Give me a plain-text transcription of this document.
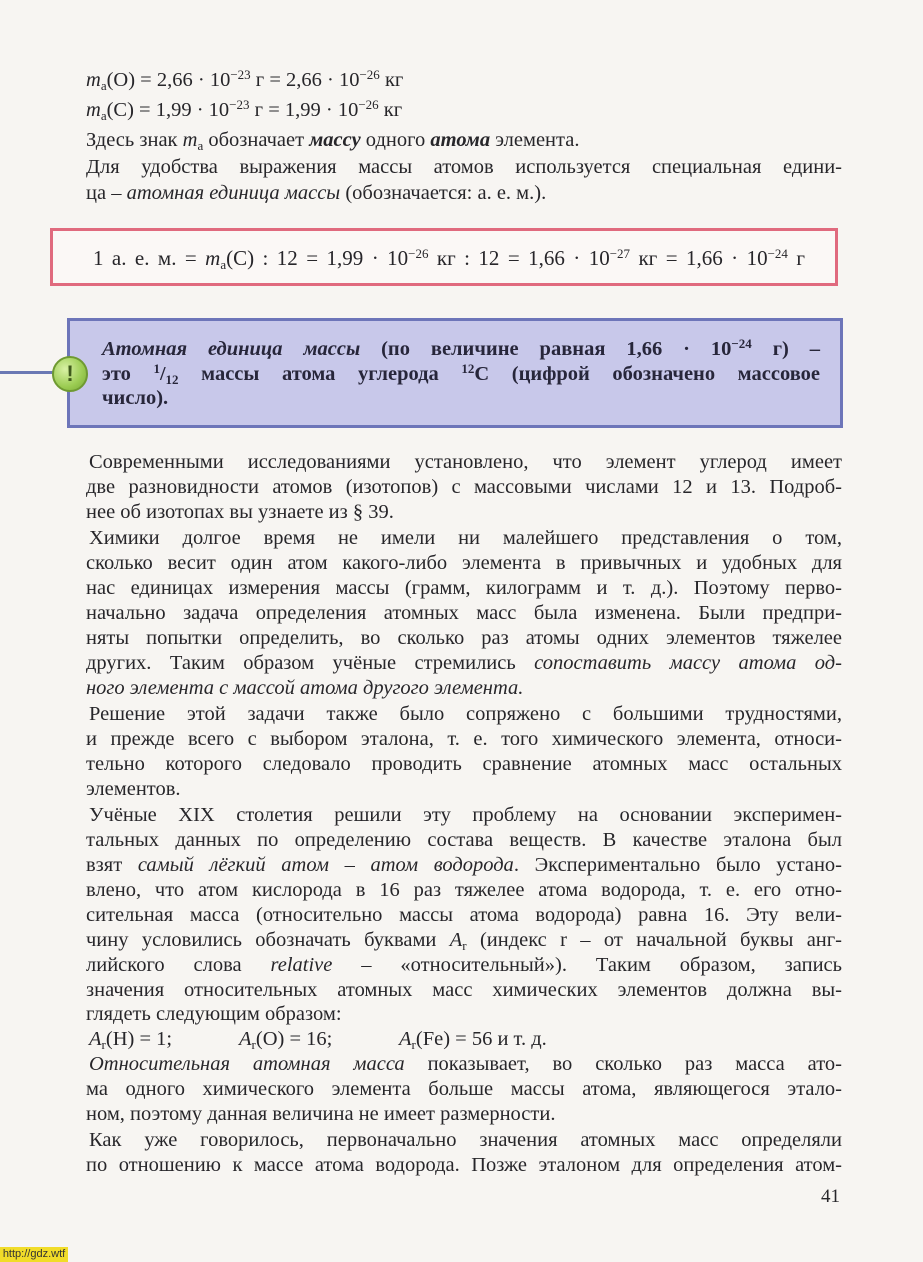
$m_а(O) = 2,66 \cdot 10^{-23}$ $г = 2,66 \cdot 10^{-26}$ кг
$m_а(C) = 1,99 \cdot 10^{-23}$ $г = 1,99 \cdot 10^{-26}$ кг
Здесь знак $m_а$ обозначает массу одного атома элемента.
Для удобства выражения массы атомов используется специальная едини-
ца – атомная единица массы (обозначается: а. е. м.).
1 а. е. м. = $m_а(C)$ : $12 = 1,99 \cdot 10^{-26}$ кг : $12 = 1,66 \cdot 10^{-27}$ кг = $1,66 \cdot 10^{-24}$ г
Атомная единица массы (по величине равная $1,66 \cdot 10^{-24}$ г) –
это $^1/_{12}$ массы атома углерода $^{12}$C (цифрой обозначено массовое
число).
!
Современными исследованиями установлено, что элемент углерод имеет
две разновидности атомов (изотопов) с массовыми числами 12 и 13. Подроб-
нее об изотопах вы узнаете из § 39.
Химики долгое время не имели ни малейшего представления о том,
сколько весит один атом какого-либо элемента в привычных и удобных для
нас единицах измерения массы (грамм, килограмм и т. д.). Поэтому перво-
начально задача определения атомных масс была изменена. Были предпри-
няты попытки определить, во сколько раз атомы одних элементов тяжелее
других. Таким образом учёные стремились сопоставить массу атома од-
ного элемента с массой атома другого элемента.
Решение этой задачи также было сопряжено с большими трудностями,
и прежде всего с выбором эталона, т. е. того химического элемента, относи-
тельно которого следовало проводить сравнение атомных масс остальных
элементов.
Учёные XIX столетия решили эту проблему на основании эксперимен-
тальных данных по определению состава веществ. В качестве эталона был
взят самый лёгкий атом – атом водорода. Экспериментально было устано-
влено, что атом кислорода в 16 раз тяжелее атома водорода, т. е. его отно-
сительная масса (относительно массы атома водорода) равна 16. Эту вели-
чину условились обозначать буквами $A_r$ (индекс r – от начальной буквы анг-
лийского слова relative – «относительный»). Таким образом, запись
значения относительных атомных масс химических элементов должна вы-
глядеть следующим образом:
$A_r(H) = 1$;	$A_r(O) = 16$;	$A_r(Fe) = 56$ и т. д.
Относительная атомная масса показывает, во сколько раз масса ато-
ма одного химического элемента больше массы атома, являющегося этало-
ном, поэтому данная величина не имеет размерности.
Как уже говорилось, первоначально значения атомных масс определяли
по отношению к массе атома водорода. Позже эталоном для определения атом-
41
http://gdz.wtf
